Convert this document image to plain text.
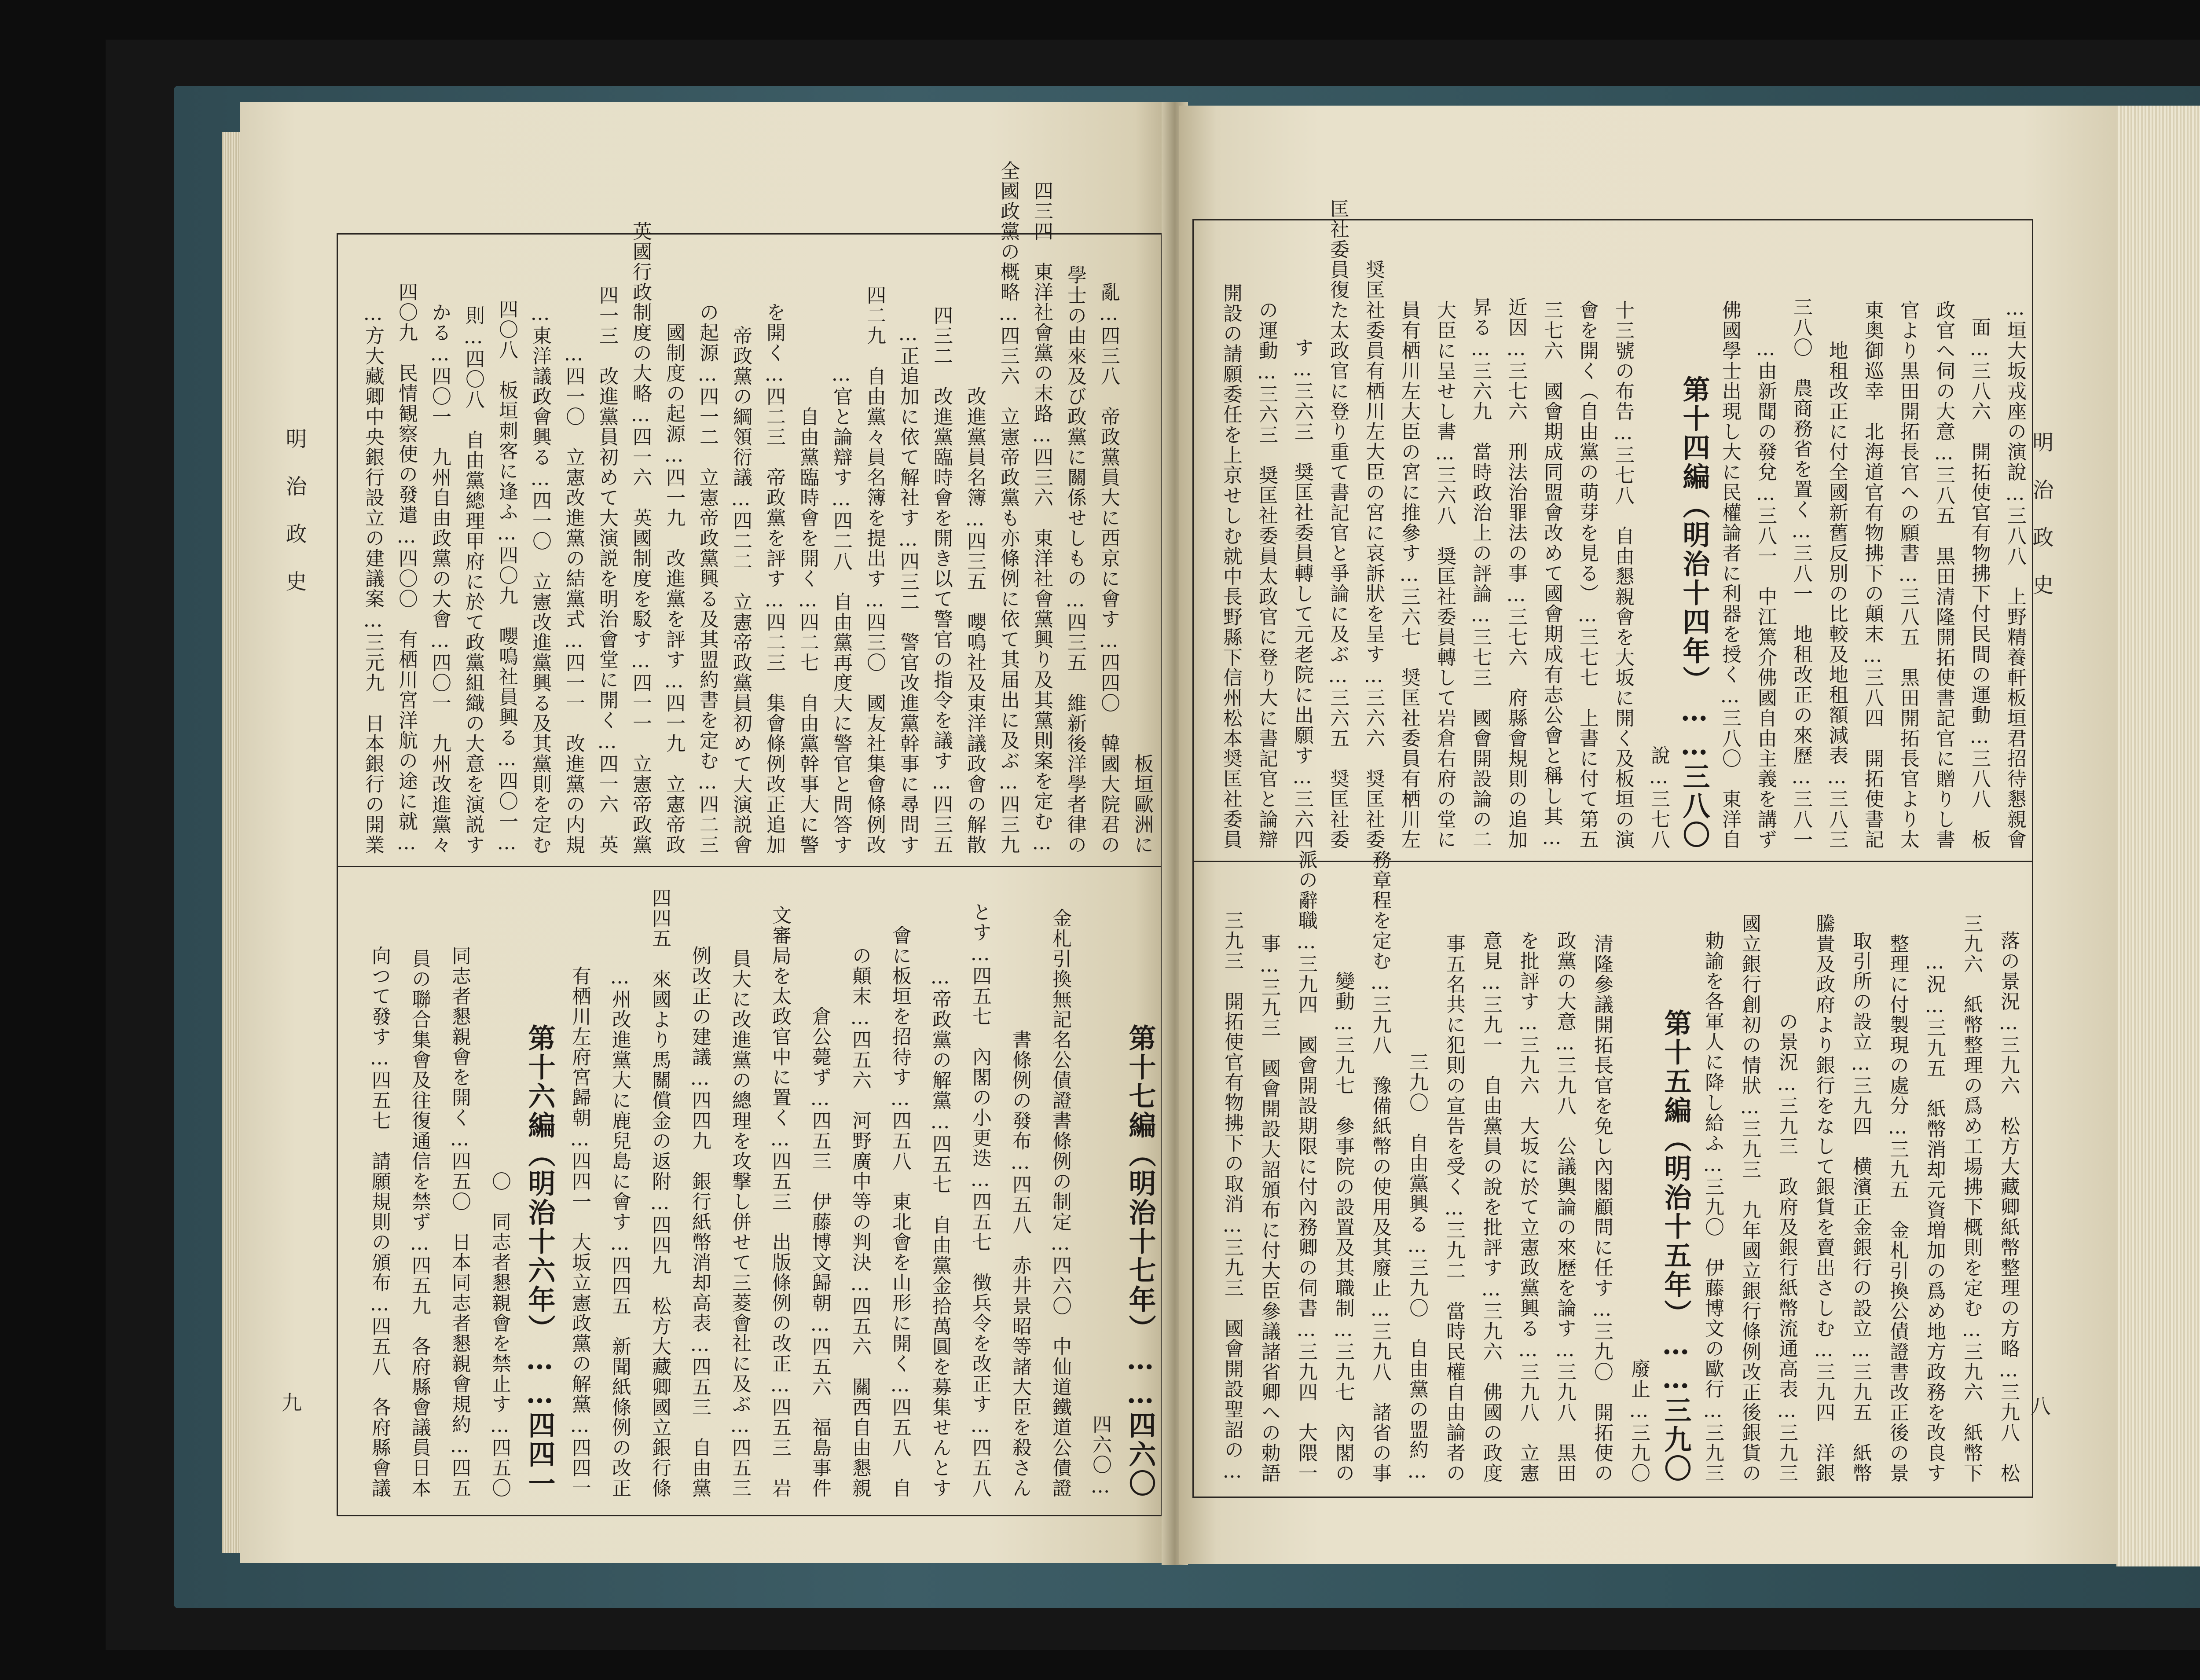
明治政史
九
方大藏卿中央銀行設立の建議案…三元九　日本銀行の開業… …四〇九　民情観察使の發遣…四〇〇　有栖川宮洋航の途に就 かる…四〇一　九州自由政黨の大會…四〇一　九州改進黨々 則…四〇八　自由黨總理甲府に於て政黨組織の大意を演説す …四〇八　板垣刺客に逢ふ…四〇九　嚶鳴社員興る…四〇一
東洋議政會興る…四一〇　立憲改進黨興る及其黨則を定む… 四一〇　立憲改進黨の結黨式…四一一　改進黨の内規… 四一三　改進黨員初めて大演説を明治會堂に開く…四一六　英 英國行政制度の大略…四一六　英國制度を駁す…四一一　立憲帝政黨 國制度の起源…四一九　改進黨を評す…四一九　立憲帝政 の起源…四一二　立憲帝政黨興る及其盟約書を定む…四二三 帝政黨の綱領衍議…四二二　立憲帝政黨員初めて大演説會 を開く…四二三　帝政黨を評す…四二三　集會條例改正追加 自由黨臨時會を開く…四二七　自由黨幹事大に警
官と論辯す…四二八　自由黨再度大に警官と問答す… 四二九　自由黨々員名簿を提出す…四三〇　國友社集會條例改 正追加に依て解社す…四三二　警官改進黨幹事に尋問す… 四三二　改進黨臨時會を開き以て警官の指令を議す…四三五 改進黨員名簿…四三五　嚶鳴社及東洋議政會の解散 全國政黨の概略…四三六　立憲帝政黨も亦條例に依て其届出に及ぶ…四三九 …四三四　東洋社會黨の末路…四三六　東洋社會黨興り及其黨則案を定む 學士の由來及び政黨に關係せしもの…四三五　維新後洋學者律の 亂…四三八　帝政黨員大に西京に會す…四四〇　韓國大院君の 板垣歐洲に
向つて發す…四五七　請願規則の頒布…四五八　各府縣會議 員の聯合集會及往復通信を禁ず…四五九　各府縣會議員日本 同志者懇親會を開く…四五〇　日本同志者懇親會規約…四五 〇　同志者懇親會を禁止す…四五〇 第十六編（明治十六年）……四四一 有栖川左府宮歸朝…四四一　大坂立憲政黨の解黨…四四一 州改進黨大に鹿兒島に會す…四四五　新聞紙條例の改正… 四四五　來國より馬關償金の返附…四四九　松方大藏卿國立銀行條 例改正の建議…四四九　銀行紙幣消却高表…四五三　自由黨 員大に改進黨の總理を攻撃し併せて三菱會社に及ぶ…四五三 文審局を太政官中に置く…四五三　出版條例の改正…四五三　岩 倉公薨ず…四五三　伊藤博文歸朝…四五六　福島事件 の顛末…四五六　河野廣中等の判決…四五六　關西自由懇親 會に板垣を招待す…四五八　東北會を山形に開く…四五八　自 帝政黨の解黨…四五七　自由黨金拾萬圓を募集せんとす… とす…四五七　內閣の小更迭…四五七　徴兵令を改正す…四五八 書條例の發布…四五八　赤井景昭等諸大臣を殺さん 金札引換無記名公債證書條例の制定…四六〇　中仙道鐵道公債證 …四六〇 第十七編（明治十七年）……四六〇
明治政史
八
開設の請願委任を上京せしむ就中長野縣下信州松本奨匡社委員 の運動…三六三　奨匡社委員太政官に登り大に書記官と論辯 す…三六三　奨匡社委員轉して元老院に出願す…三六四 匡社委員復た太政官に登り重て書記官と爭論に及ぶ…三六五　奨匡社委 奨匡社委員有栖川左大臣の宮に哀訴狀を呈す…三六六　奨匡社委 員有栖川左大臣の宮に推參す…三六七　奨匡社委員有栖川左 大臣に呈せし書…三六八　奨匡社委員轉して岩倉右府の堂に 昇る…三六九　當時政治上の評論…三七三　國會開設論の二 近因…三七六　刑法治罪法の事…三七六　府縣會規則の追加 …三七六　國會期成同盟會改めて國會期成有志公會と稱し其 會を開く（自由黨の萌芽を見る）…三七七　上書に付て第五 十三號の布告…三七八　自由懇親會を大坂に開く及板垣の演 說…三七八 第十四編（明治十四年）……三八〇 佛國學士出現し大に民權論者に利器を授く…三八〇　東洋自 由新聞の發兌…三八一　中江篤介佛國自由主義を講ず… 三八〇　農商務省を置く…三八一　地租改正の來歷…三八一 地租改正に付全國新舊反別の比較及地租額減表…三八三 東奥御巡幸　北海道官有物拂下の顛末…三八四　開拓使書記 官より黒田開拓長官への願書…三八五　黒田開拓長官より太 政官へ伺の大意…三八五　黒田清隆開拓使書記官に贈りし書 面…三八六　開拓使官有物拂下付民間の運動…三八八　板
垣大坂戎座の演說…三八八　上野精養軒板垣君招待懇親會…
…三九三　開拓使官有物拂下の取消…三九三　國會開設聖詔の 事…三九三　國會開設大詔頒布に付大臣參議諸省卿への勅語 派の辭職…三九四　國會開設期限に付內務卿の伺書…三九四　大隈一 變動…三九七　參事院の設置及其職制…三九七　內閣の 務章程を定む…三九八　豫備紙幣の使用及其廢止…三九八　諸省の事 …三九〇　自由黨興る…三九〇　自由黨の盟約 事五名共に犯則の宣告を受く…三九二　當時民權自由論者の 意見…三九一　自由黨員の說を批評す…三九六　佛國の政度 を批評す…三九六　大坂に於て立憲政黨興る…三九八　立憲 政黨の大意…三九八　公議輿論の來歷を論す…三九八　黒田 清隆參議開拓長官を免し內閣顧問に任す…三九〇　開拓使の 廢止…三九〇 第十五編（明治十五年）……三九〇 勅諭を各軍人に降し給ふ…三九〇　伊藤博文の歐行…三九三 國立銀行創初の情狀…三九三　九年國立銀行條例改正後銀貨の の景況…三九三　政府及銀行紙幣流通高表…三九三 騰貴及政府より銀行をなして銀貨を賣出さしむ…三九四　洋銀 取引所の設立…三九四　横濱正金銀行の設立…三九五　紙幣 整理に付製現の處分…三九五　金札引換公債證書改正後の景 況…三九五　紙幣消却元資増加の爲め地方政務を改良す… 三九六　紙幣整理の爲め工場拂下概則を定む…三九六　紙幣下 落の景況…三九六　松方大藏卿紙幣整理の方略…三九八　松
